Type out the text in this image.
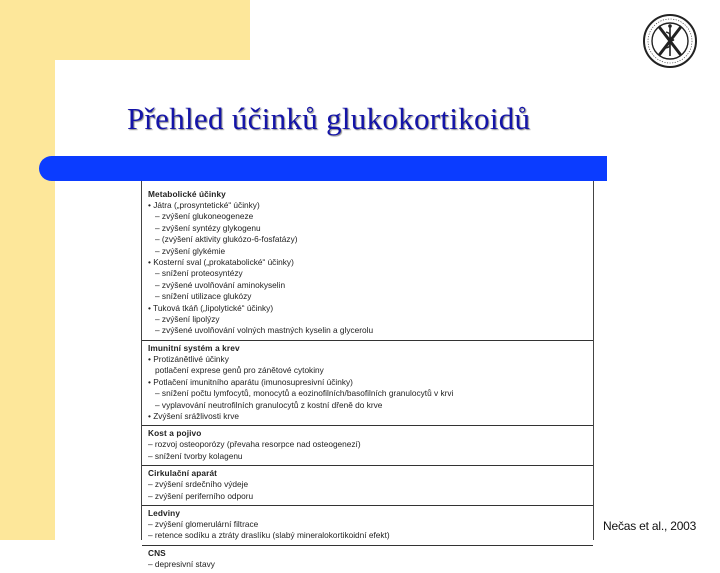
Přehled účinků glukokortikoidů
Metabolické účinky
• Játra („prosyntetické“ účinky)
– zvýšení glukoneogeneze
– zvýšení syntézy glykogenu
– (zvýšení aktivity glukózo-6-fosfatázy)
– zvýšení glykémie
• Kosterní sval („prokatabolické“ účinky)
– snížení proteosyntézy
– zvýšené uvolňování aminokyselin
– snížení utilizace glukózy
• Tuková tkáň („lipolytické“ účinky)
– zvýšení lipolýzy
– zvýšené uvolňování volných mastných kyselin a glycerolu
Imunitní systém a krev
• Protizánětlivé účinky
potlačení exprese genů pro zánětové cytokiny
• Potlačení imunitního aparátu (imunosupresivní účinky)
– snížení počtu lymfocytů, monocytů a eozinofilních/basofilních granulocytů v krvi
– vyplavování neutrofilních granulocytů z kostní dřeně do krve
• Zvýšení srážlivosti krve
Kost a pojivo
– rozvoj osteoporózy (převaha resorpce nad osteogenezí)
– snížení tvorby kolagenu
Cirkulační aparát
– zvýšení srdečního výdeje
– zvýšení periferního odporu
Ledviny
– zvýšení glomerulární filtrace
– retence sodíku a ztráty draslíku (slabý mineralokortikoidní efekt)
CNS
– depresivní stavy
Nečas et al., 2003
